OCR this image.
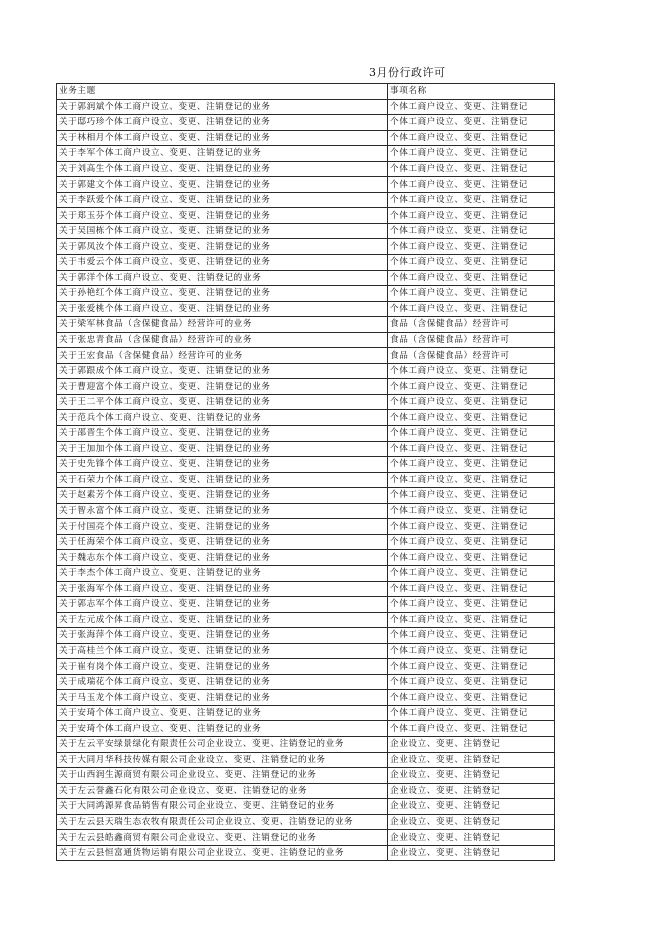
3月份行政许可
业务主题	事项名称
关于郭润斌个体工商户设立、变更、注销登记的业务	个体工商户设立、变更、注销登记
关于邸巧珍个体工商户设立、变更、注销登记的业务	个体工商户设立、变更、注销登记
关于林相月个体工商户设立、变更、注销登记的业务	个体工商户设立、变更、注销登记
关于李军个体工商户设立、变更、注销登记的业务	个体工商户设立、变更、注销登记
关于刘高生个体工商户设立、变更、注销登记的业务	个体工商户设立、变更、注销登记
关于郭建文个体工商户设立、变更、注销登记的业务	个体工商户设立、变更、注销登记
关于李跃爱个体工商户设立、变更、注销登记的业务	个体工商户设立、变更、注销登记
关于郑玉芬个体工商户设立、变更、注销登记的业务	个体工商户设立、变更、注销登记
关于吴国栋个体工商户设立、变更、注销登记的业务	个体工商户设立、变更、注销登记
关于郭凤汝个体工商户设立、变更、注销登记的业务	个体工商户设立、变更、注销登记
关于韦爱云个体工商户设立、变更、注销登记的业务	个体工商户设立、变更、注销登记
关于郭洋个体工商户设立、变更、注销登记的业务	个体工商户设立、变更、注销登记
关于孙艳红个体工商户设立、变更、注销登记的业务	个体工商户设立、变更、注销登记
关于张爱桃个体工商户设立、变更、注销登记的业务	个体工商户设立、变更、注销登记
关于梁军林食品（含保健食品）经营许可的业务	食品（含保健食品）经营许可
关于张忠青食品（含保健食品）经营许可的业务	食品（含保健食品）经营许可
关于王宏食品（含保健食品）经营许可的业务	食品（含保健食品）经营许可
关于郭跟成个体工商户设立、变更、注销登记的业务	个体工商户设立、变更、注销登记
关于曹迎富个体工商户设立、变更、注销登记的业务	个体工商户设立、变更、注销登记
关于王二平个体工商户设立、变更、注销登记的业务	个体工商户设立、变更、注销登记
关于范兵个体工商户设立、变更、注销登记的业务	个体工商户设立、变更、注销登记
关于邵晋生个体工商户设立、变更、注销登记的业务	个体工商户设立、变更、注销登记
关于王加加个体工商户设立、变更、注销登记的业务	个体工商户设立、变更、注销登记
关于史先锋个体工商户设立、变更、注销登记的业务	个体工商户设立、变更、注销登记
关于石荣力个体工商户设立、变更、注销登记的业务	个体工商户设立、变更、注销登记
关于赵素芳个体工商户设立、变更、注销登记的业务	个体工商户设立、变更、注销登记
关于智永富个体工商户设立、变更、注销登记的业务	个体工商户设立、变更、注销登记
关于付国亮个体工商户设立、变更、注销登记的业务	个体工商户设立、变更、注销登记
关于任海荣个体工商户设立、变更、注销登记的业务	个体工商户设立、变更、注销登记
关于魏志东个体工商户设立、变更、注销登记的业务	个体工商户设立、变更、注销登记
关于李杰个体工商户设立、变更、注销登记的业务	个体工商户设立、变更、注销登记
关于张海军个体工商户设立、变更、注销登记的业务	个体工商户设立、变更、注销登记
关于郭志军个体工商户设立、变更、注销登记的业务	个体工商户设立、变更、注销登记
关于左元成个体工商户设立、变更、注销登记的业务	个体工商户设立、变更、注销登记
关于张海萍个体工商户设立、变更、注销登记的业务	个体工商户设立、变更、注销登记
关于高桂兰个体工商户设立、变更、注销登记的业务	个体工商户设立、变更、注销登记
关于崔有岗个体工商户设立、变更、注销登记的业务	个体工商户设立、变更、注销登记
关于成瑞花个体工商户设立、变更、注销登记的业务	个体工商户设立、变更、注销登记
关于马玉龙个体工商户设立、变更、注销登记的业务	个体工商户设立、变更、注销登记
关于安琦个体工商户设立、变更、注销登记的业务	个体工商户设立、变更、注销登记
关于安琦个体工商户设立、变更、注销登记的业务	个体工商户设立、变更、注销登记
关于左云平安绿景绿化有限责任公司企业设立、变更、注销登记的业务	企业设立、变更、注销登记
关于大同月华科技传媒有限公司企业设立、变更、注销登记的业务	企业设立、变更、注销登记
关于山西润生源商贸有限公司企业设立、变更、注销登记的业务	企业设立、变更、注销登记
关于左云誉鑫石化有限公司企业设立、变更、注销登记的业务	企业设立、变更、注销登记
关于大同鸿源昇食品销售有限公司企业设立、变更、注销登记的业务	企业设立、变更、注销登记
关于左云县天瑞生态农牧有限责任公司企业设立、变更、注销登记的业务	企业设立、变更、注销登记
关于左云县皓鑫商贸有限公司企业设立、变更、注销登记的业务	企业设立、变更、注销登记
关于左云县恒富通货物运销有限公司企业设立、变更、注销登记的业务	企业设立、变更、注销登记
